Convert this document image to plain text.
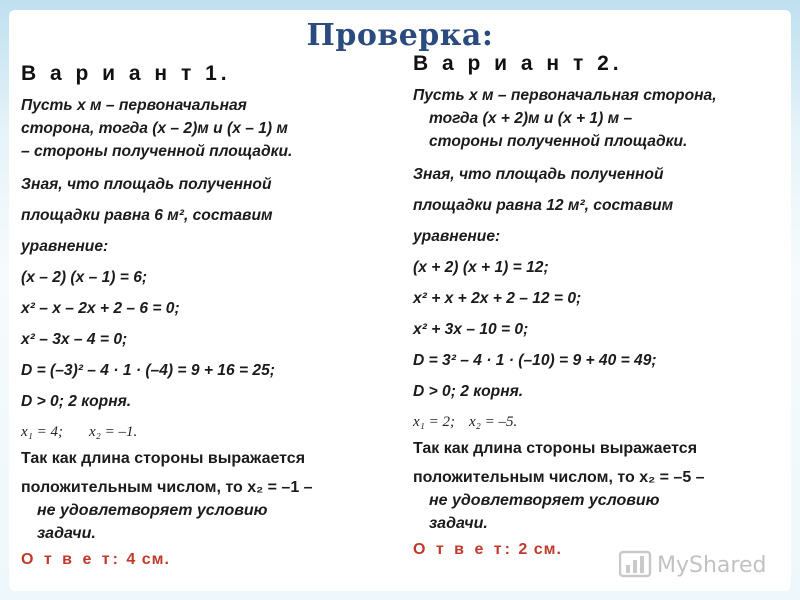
Проверка:
В а р и а н т 1.
Пусть x м – первоначальная
сторона, тогда (x – 2)м и (x – 1) м
– стороны полученной площадки.
Зная, что площадь полученной
площадки равна 6 м², составим
уравнение:
(x – 2) (x – 1) = 6;
x² – x – 2x + 2 – 6 = 0;
x² – 3x – 4 = 0;
D = (–3)² – 4 · 1 · (–4) = 9 + 16 = 25;
D > 0; 2 корня.
x₁ = 4; x₂ = –1.
Так как длина стороны выражается
положительным числом, то x₂ = –1 –
не удовлетворяет условию
задачи.
О т в е т: 4 см.
В а р и а н т 2.
Пусть x м – первоначальная сторона,
тогда (x + 2)м и (x + 1) м –
стороны полученной площадки.
Зная, что площадь полученной
площадки равна 12 м², составим
уравнение:
(x + 2) (x + 1) = 12;
x² + x + 2x + 2 – 12 = 0;
x² + 3x – 10 = 0;
D = 3² – 4 · 1 · (–10) = 9 + 40 = 49;
D > 0; 2 корня.
x₁ = 2; x₂ = –5.
Так как длина стороны выражается
положительным числом, то x₂ = –5 –
не удовлетворяет условию
задачи.
О т в е т: 2 см.
MyShared
